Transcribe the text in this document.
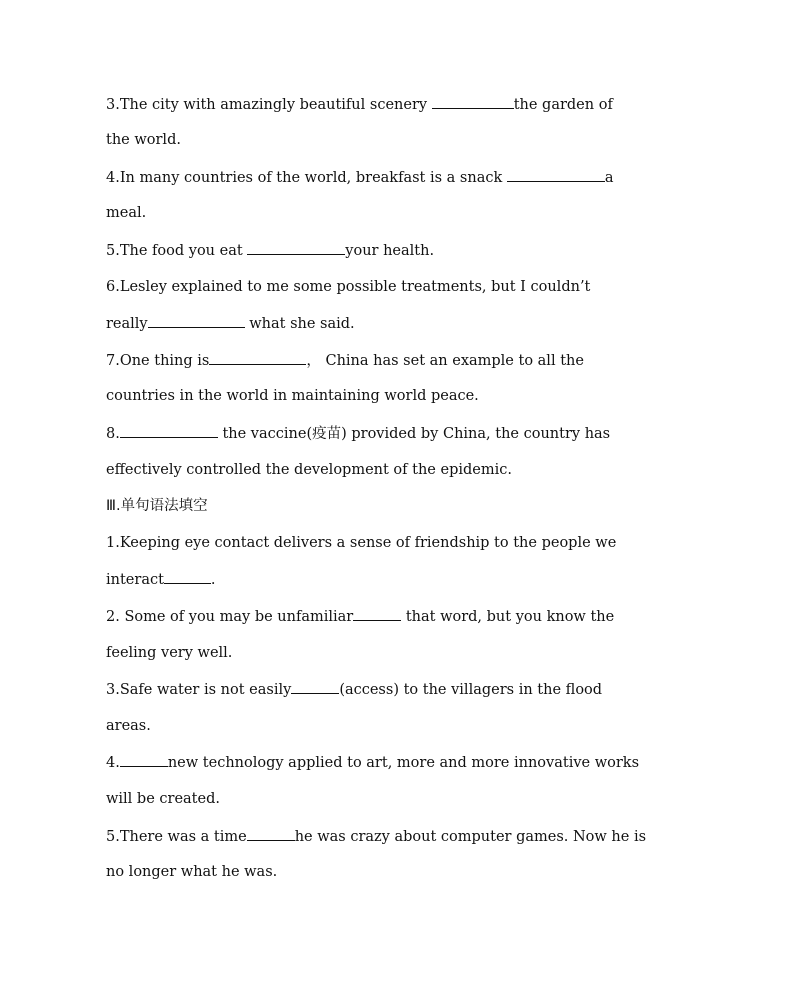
3.The city with amazingly beautiful scenery	the garden of
the world.
4.In many countries of the world, breakfast is a snack	a
meal.
5.The food you eat	your health.
6.Lesley explained to me some possible treatments, but I couldn’t
really	what she said.
7.One thing is	， China has set an example to all the
countries in the world in maintaining world peace.
8.	the vaccine(疫苗) provided by China, the country has
effectively controlled the development of the epidemic.
Ⅲ.单句语法填空
1.Keeping eye contact delivers a sense of friendship to the people we
interact	.
2. Some of you may be unfamiliar	that word, but you know the
feeling very well.
3.Safe water is not easily	(access) to the villagers in the flood
areas.
4.	new technology applied to art, more and more innovative works
will be created.
5.There was a time	he was crazy about computer games. Now he is
no longer what he was.
